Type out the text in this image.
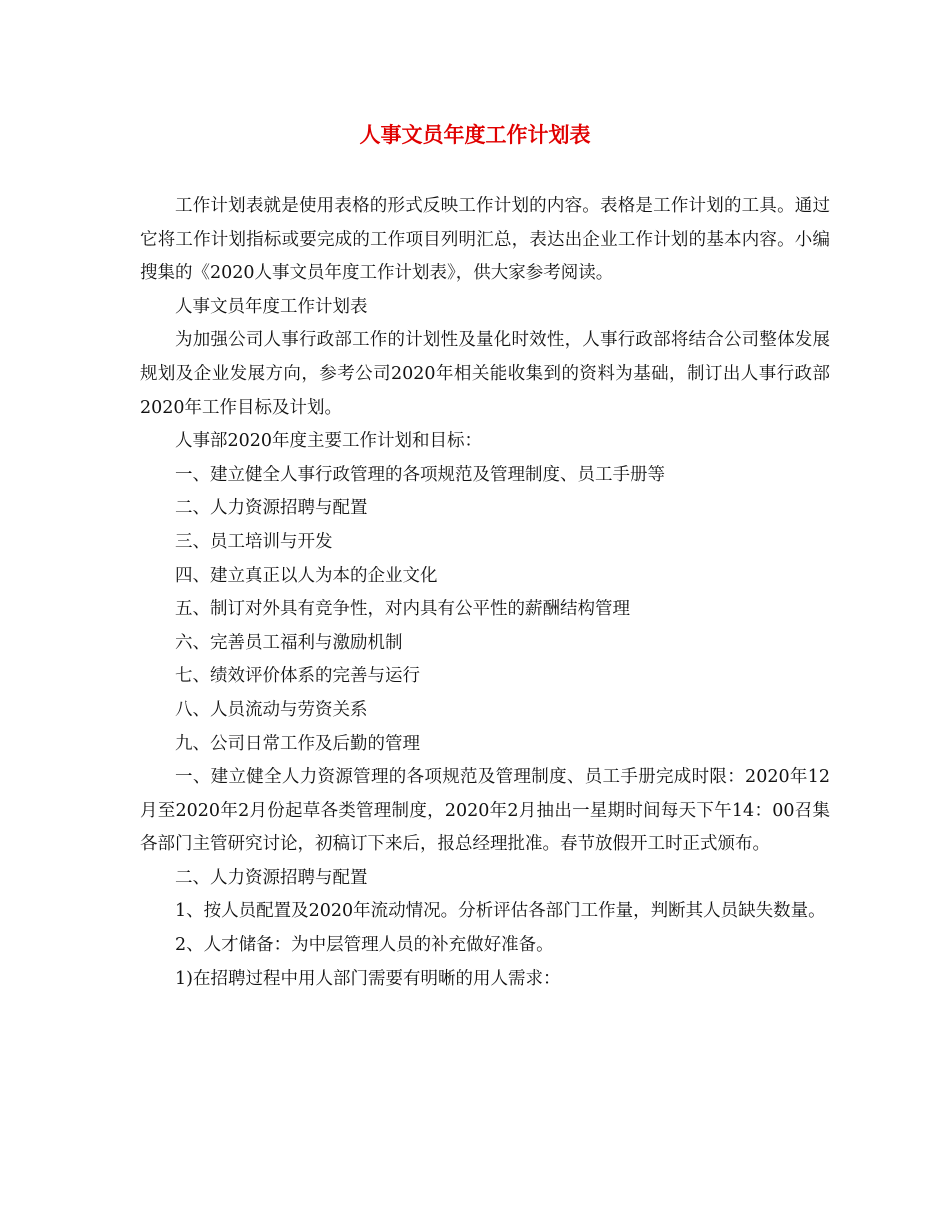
人事文员年度工作计划表

工作计划表就是使用表格的形式反映工作计划的内容。表格是工作计划的工具。通过它将工作计划指标或要完成的工作项目列明汇总，表达出企业工作计划的基本内容。小编搜集的《2020人事文员年度工作计划表》，供大家参考阅读。

人事文员年度工作计划表

为加强公司人事行政部工作的计划性及量化时效性，人事行政部将结合公司整体发展规划及企业发展方向，参考公司2020年相关能收集到的资料为基础，制订出人事行政部2020年工作目标及计划。

人事部2020年度主要工作计划和目标：

一、建立健全人事行政管理的各项规范及管理制度、员工手册等

二、人力资源招聘与配置

三、员工培训与开发

四、建立真正以人为本的企业文化

五、制订对外具有竞争性，对内具有公平性的薪酬结构管理

六、完善员工福利与激励机制

七、绩效评价体系的完善与运行

八、人员流动与劳资关系

九、公司日常工作及后勤的管理

一、建立健全人力资源管理的各项规范及管理制度、员工手册完成时限：2020年12月至2020年2月份起草各类管理制度，2020年2月抽出一星期时间每天下午14：00召集各部门主管研究讨论，初稿订下来后，报总经理批准。春节放假开工时正式颁布。

二、人力资源招聘与配置

1、按人员配置及2020年流动情况。分析评估各部门工作量，判断其人员缺失数量。

2、人才储备：为中层管理人员的补充做好准备。

1)在招聘过程中用人部门需要有明晰的用人需求：
